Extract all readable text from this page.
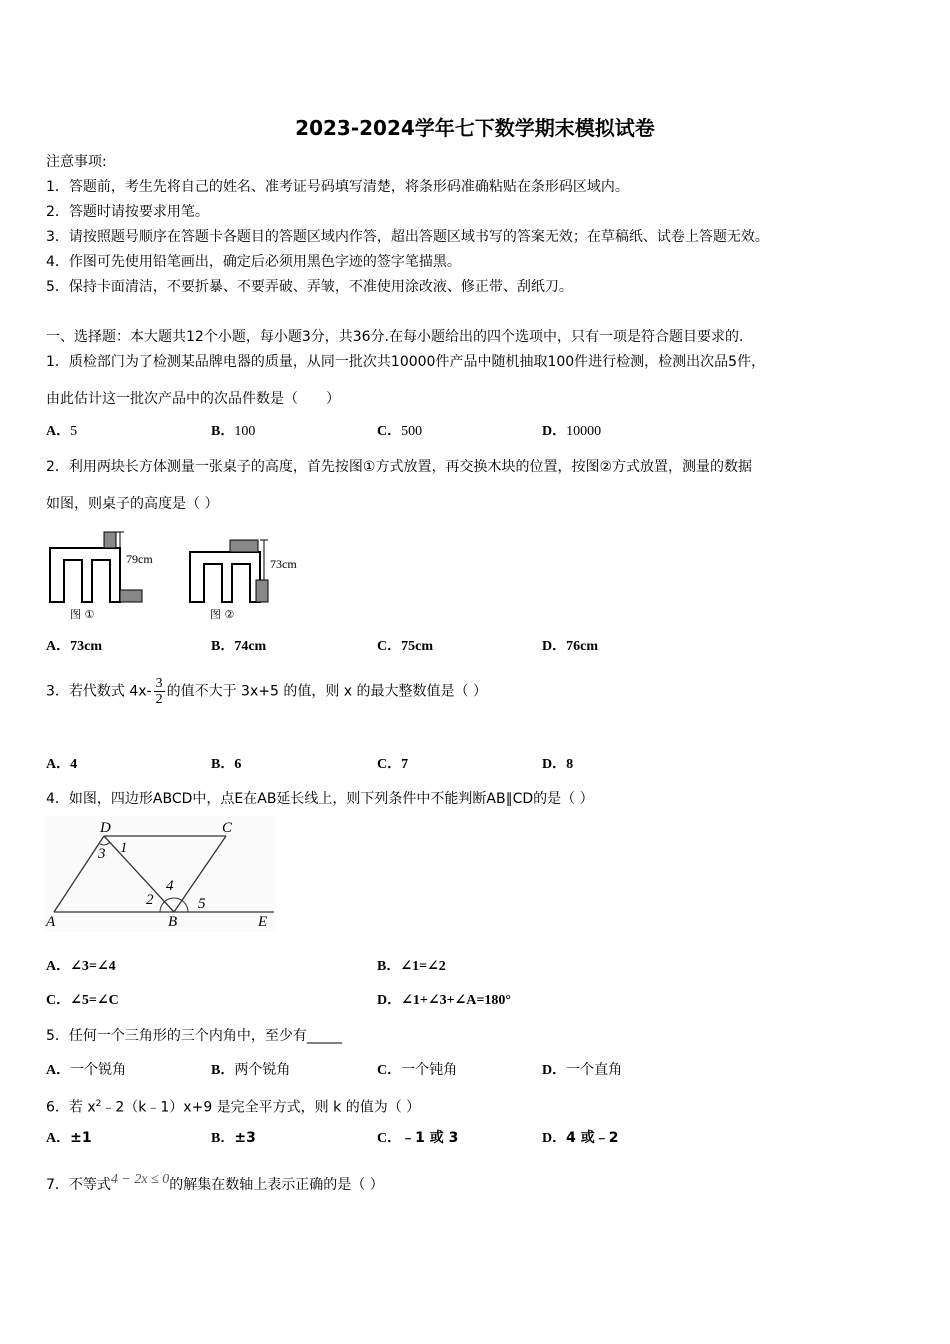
2023-2024学年七下数学期末模拟试卷
注意事项:
1．答题前，考生先将自己的姓名、准考证号码填写清楚，将条形码准确粘贴在条形码区域内。
2．答题时请按要求用笔。
3．请按照题号顺序在答题卡各题目的答题区域内作答，超出答题区域书写的答案无效；在草稿纸、试卷上答题无效。
4．作图可先使用铅笔画出，确定后必须用黑色字迹的签字笔描黑。
5．保持卡面清洁，不要折暴、不要弄破、弄皱，不准使用涂改液、修正带、刮纸刀。
一、选择题：本大题共12个小题，每小题3分，共36分.在每小题给出的四个选项中，只有一项是符合题目要求的.
1．质检部门为了检测某品牌电器的质量，从同一批次共10000件产品中随机抽取100件进行检测，检测出次品5件，
由此估计这一批次产品中的次品件数是（　　）
A．5	B．100	C．500	D．10000
2．利用两块长方体测量一张桌子的高度，首先按图①方式放置，再交换木块的位置，按图②方式放置，测量的数据
如图，则桌子的高度是（ ）
79cm
图 ①
73cm
图 ②
A．73cm	B．74cm	C．75cm	D．76cm
3．若代数式 $4x- \frac{3}{2}$ 的值不大于 3x+5 的值，则 x 的最大整数值是（ ）
A．4	B．6	C．7	D．8
4．如图，四边形ABCD中，点E在AB延长线上，则下列条件中不能判断AB∥CD的是（ ）
D	C
A	B	E
1
2
3
4
5
A．∠3=∠4	B．∠1=∠2
C．∠5=∠C	D．∠1+∠3+∠A=180°
5．任何一个三角形的三个内角中，至少有_____
A．一个锐角	B．两个锐角	C．一个钝角	D．一个直角
6．若 $x^2﹣2(k﹣1)x+9$ 是完全平方式，则 k 的值为（ ）
A．±1	B．±3	C．﹣1 或 3	D．4 或﹣2
7．不等式4 − 2x ≤ 0的解集在数轴上表示正确的是（ ）
